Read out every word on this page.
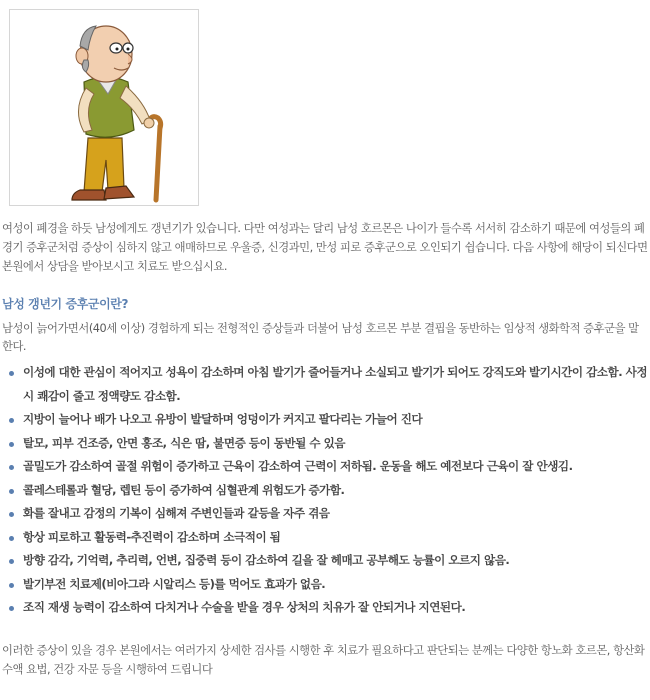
여성이 폐경을 하듯 남성에게도 갱년기가 있습니다. 다만 여성과는 달리 남성 호르몬은 나이가 들수록 서서히 감소하기 때문에 여성들의 폐경기 증후군처럼 증상이 심하지 않고 애매하므로 우울증, 신경과민, 만성 피로 증후군으로 오인되기 쉽습니다. 다음 사항에 해당이 되신다면 본원에서 상담을 받아보시고 치료도 받으십시요.

남성 갱년기 증후군이란?

남성이 늙어가면서(40세 이상) 경험하게 되는 전형적인 증상들과 더불어 남성 호르몬 부분 결핍을 동반하는 임상적 생화학적 증후군을 말한다.

이성에 대한 관심이 적어지고 성욕이 감소하며 아침 발기가 줄어들거나 소실되고 발기가 되어도 강직도와 발기시간이 감소함. 사정시 쾌감이 줄고 정액량도 감소함.
지방이 늘어나 배가 나오고 유방이 발달하며 엉덩이가 커지고 팔다리는 가늘어 진다
탈모, 피부 건조증, 안면 홍조, 식은 땀, 불면증 등이 동반될 수 있음
골밀도가 감소하여 골절 위험이 증가하고 근육이 감소하여 근력이 저하됨. 운동을 해도 예전보다 근육이 잘 안생김.
콜레스테롤과 혈당, 렙틴 등이 증가하여 심혈관계 위험도가 증가함.
화를 잘내고 감정의 기복이 심해져 주변인들과 갈등을 자주 겪음
항상 피로하고 활동력-추진력이 감소하며 소극적이 됨
방향 감각, 기억력, 추리력, 언변, 집중력 등이 감소하여 길을 잘 헤매고 공부해도 능률이 오르지 않음.
발기부전 치료제(비아그라 시알리스 등)를 먹어도 효과가 없음.
조직 재생 능력이 감소하여 다치거나 수술을 받을 경우 상처의 치유가 잘 안되거나 지연된다.

이러한 증상이 있을 경우 본원에서는 여러가지 상세한 검사를 시행한 후 치료가 필요하다고 판단되는 분께는 다양한 항노화 호르몬, 항산화 수액 요법, 건강 자문 등을 시행하여 드립니다
